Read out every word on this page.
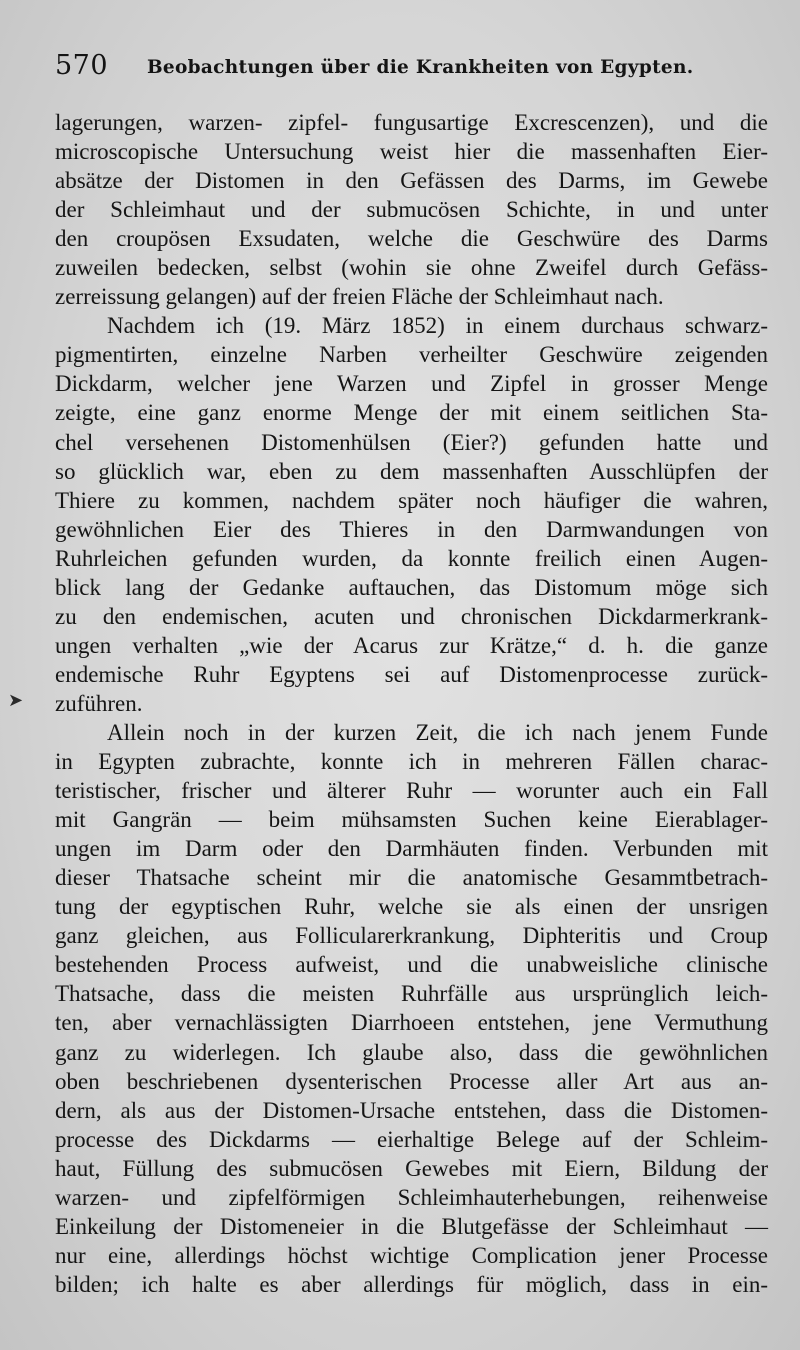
570 Beobachtungen über die Krankheiten von Egypten.
lagerungen, warzen- zipfel- fungusartige Excrescenzen), und die
microscopische Untersuchung weist hier die massenhaften Eier-
absätze der Distomen in den Gefässen des Darms, im Gewebe
der Schleimhaut und der submucösen Schichte, in und unter
den croupösen Exsudaten, welche die Geschwüre des Darms
zuweilen bedecken, selbst (wohin sie ohne Zweifel durch Gefäss-
zerreissung gelangen) auf der freien Fläche der Schleimhaut nach.
Nachdem ich (19. März 1852) in einem durchaus schwarz-
pigmentirten, einzelne Narben verheilter Geschwüre zeigenden
Dickdarm, welcher jene Warzen und Zipfel in grosser Menge
zeigte, eine ganz enorme Menge der mit einem seitlichen Sta-
chel versehenen Distomenhülsen (Eier?) gefunden hatte und
so glücklich war, eben zu dem massenhaften Ausschlüpfen der
Thiere zu kommen, nachdem später noch häufiger die wahren,
gewöhnlichen Eier des Thieres in den Darmwandungen von
Ruhrleichen gefunden wurden, da konnte freilich einen Augen-
blick lang der Gedanke auftauchen, das Distomum möge sich
zu den endemischen, acuten und chronischen Dickdarmerkrank-
ungen verhalten „wie der Acarus zur Krätze,“ d. h. die ganze
endemische Ruhr Egyptens sei auf Distomenprocesse zurück-
zuführen.
Allein noch in der kurzen Zeit, die ich nach jenem Funde
in Egypten zubrachte, konnte ich in mehreren Fällen charac-
teristischer, frischer und älterer Ruhr — worunter auch ein Fall
mit Gangrän — beim mühsamsten Suchen keine Eierablager-
ungen im Darm oder den Darmhäuten finden. Verbunden mit
dieser Thatsache scheint mir die anatomische Gesammtbetrach-
tung der egyptischen Ruhr, welche sie als einen der unsrigen
ganz gleichen, aus Follicularerkrankung, Diphteritis und Croup
bestehenden Process aufweist, und die unabweisliche clinische
Thatsache, dass die meisten Ruhrfälle aus ursprünglich leich-
ten, aber vernachlässigten Diarrhoeen entstehen, jene Vermuthung
ganz zu widerlegen. Ich glaube also, dass die gewöhnlichen
oben beschriebenen dysenterischen Processe aller Art aus an-
dern, als aus der Distomen-Ursache entstehen, dass die Distomen-
processe des Dickdarms — eierhaltige Belege auf der Schleim-
haut, Füllung des submucösen Gewebes mit Eiern, Bildung der
warzen- und zipfelförmigen Schleimhauterhebungen, reihenweise
Einkeilung der Distomeneier in die Blutgefässe der Schleimhaut —
nur eine, allerdings höchst wichtige Complication jener Processe
bilden; ich halte es aber allerdings für möglich, dass in ein-
➤
